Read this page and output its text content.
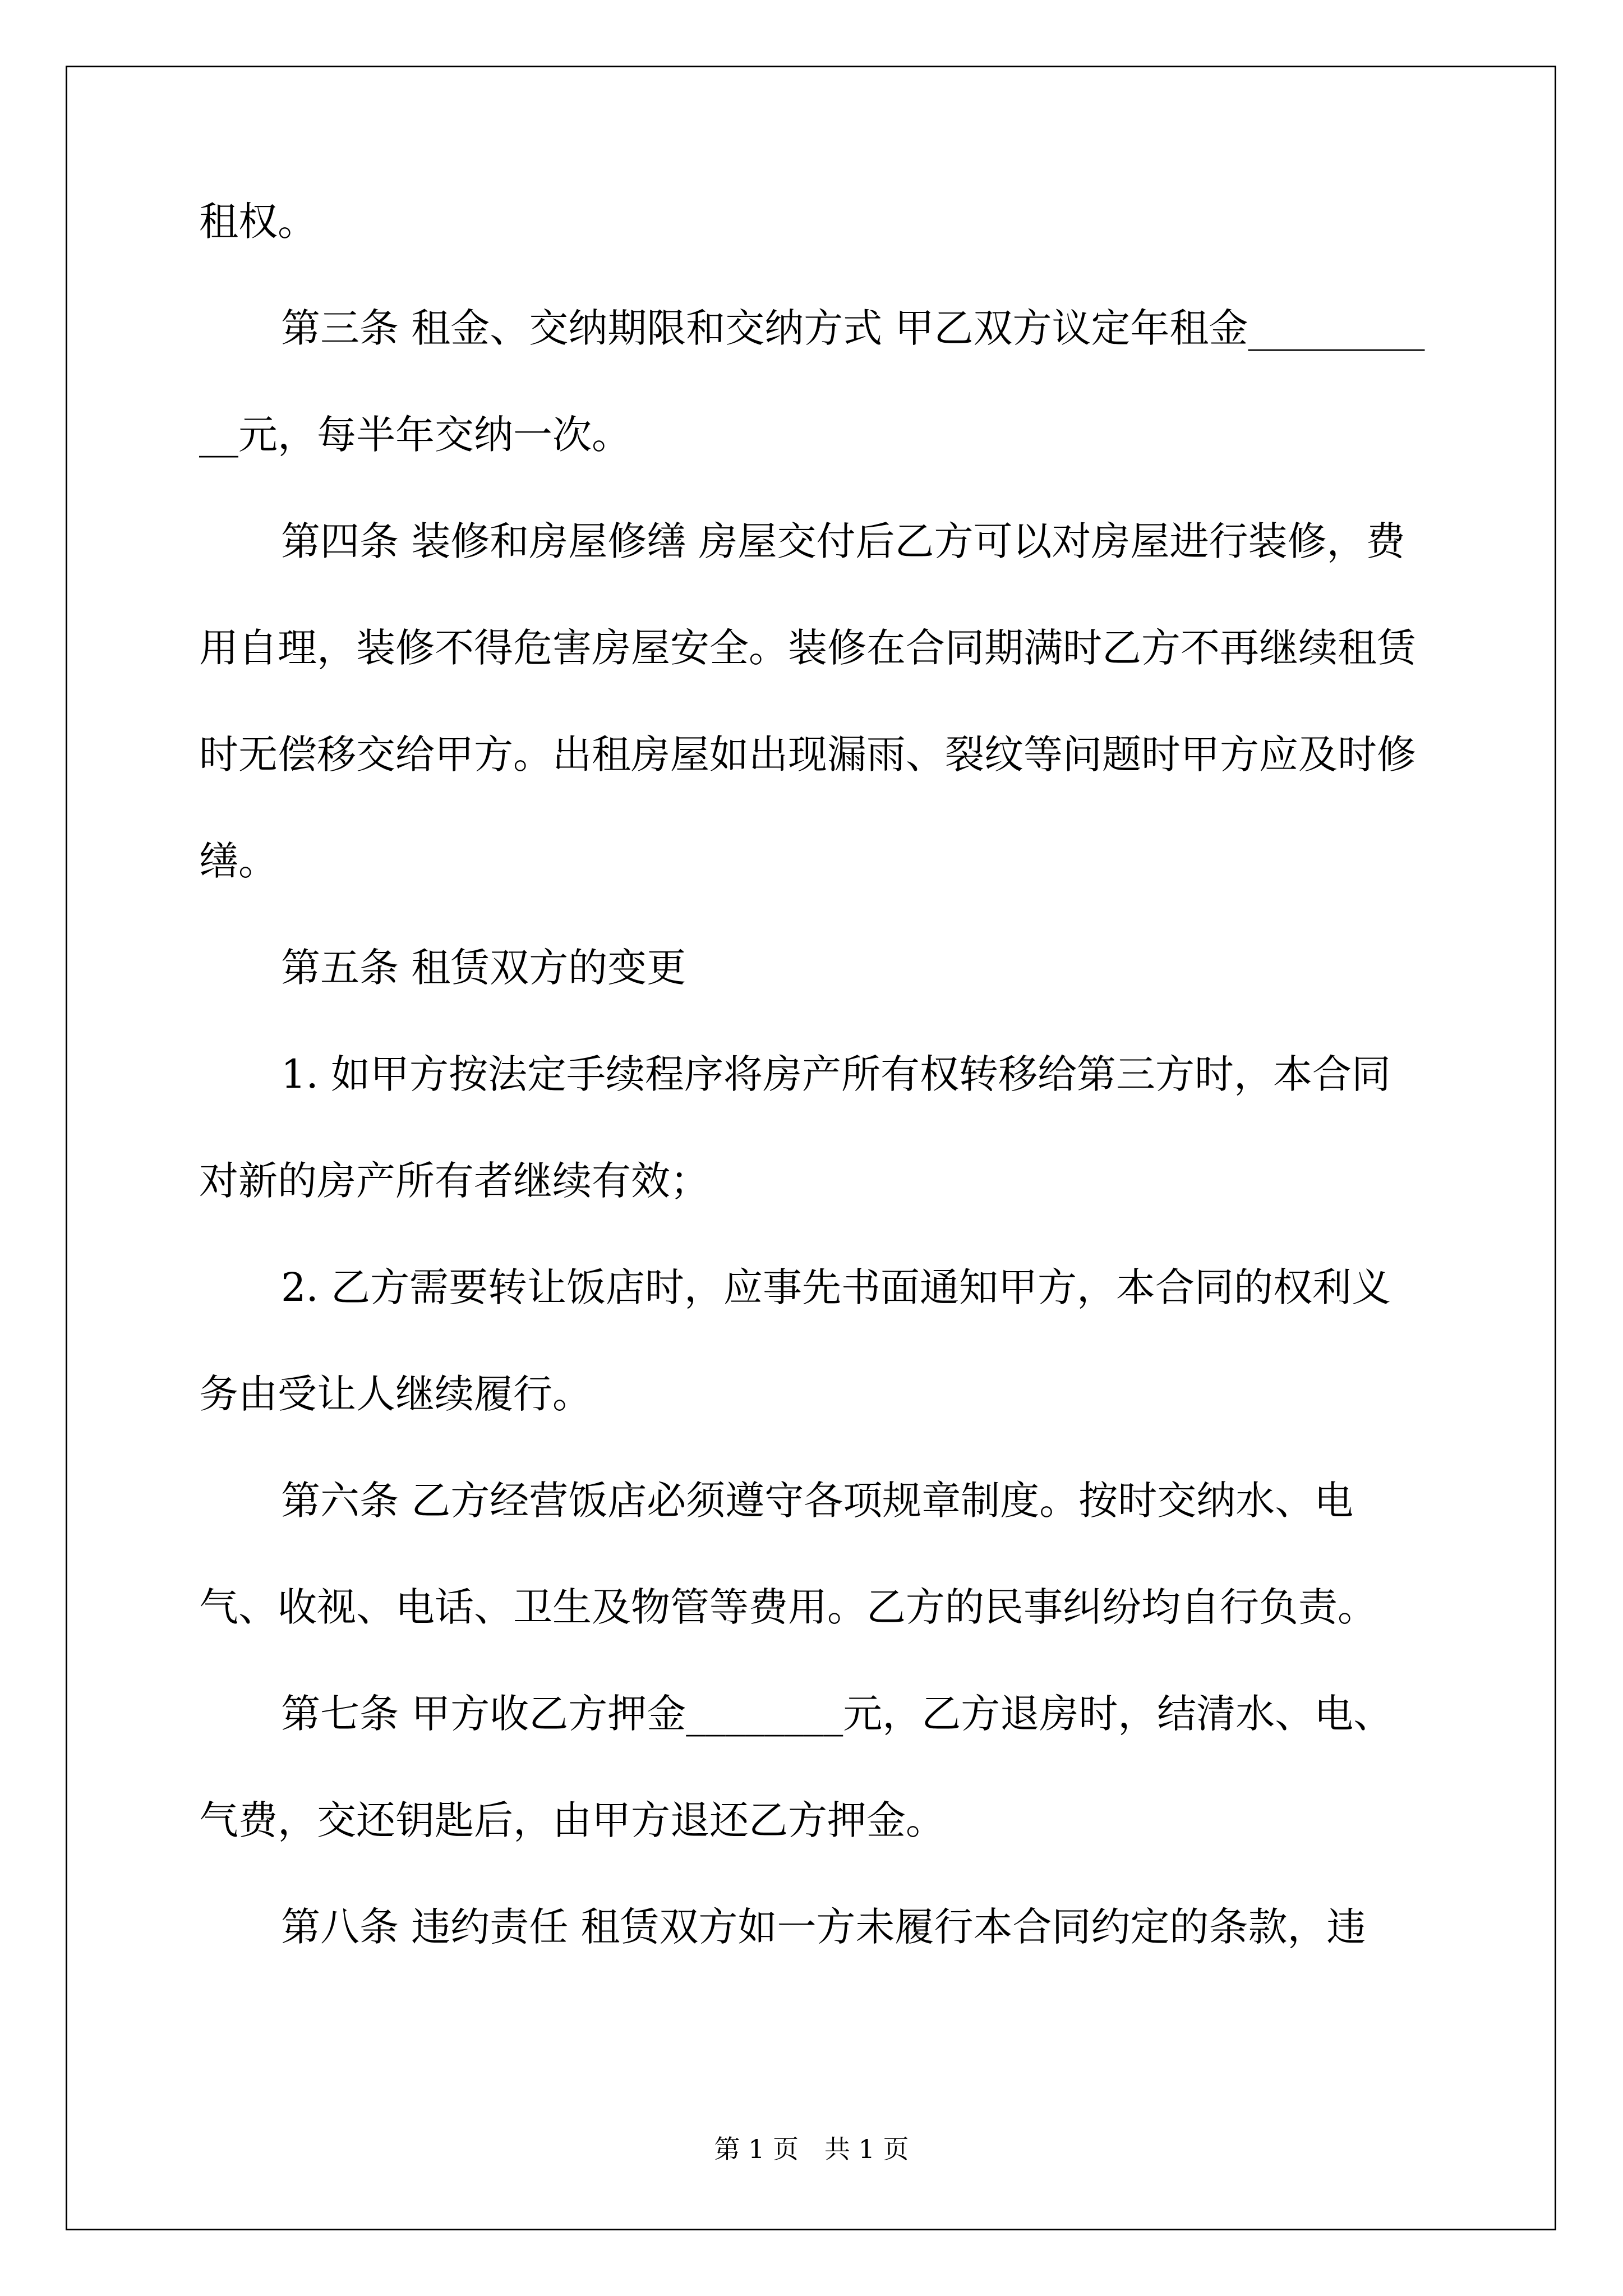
租权。

第三条 租金、交纳期限和交纳方式 甲乙双方议定年租金___________元，每半年交纳一次。

第四条 装修和房屋修缮 房屋交付后乙方可以对房屋进行装修，费用自理，装修不得危害房屋安全。装修在合同期满时乙方不再继续租赁时无偿移交给甲方。出租房屋如出现漏雨、裂纹等问题时甲方应及时修缮。

第五条 租赁双方的变更

1. 如甲方按法定手续程序将房产所有权转移给第三方时，本合同对新的房产所有者继续有效；

2. 乙方需要转让饭店时，应事先书面通知甲方，本合同的权利义务由受让人继续履行。

第六条 乙方经营饭店必须遵守各项规章制度。按时交纳水、电气、收视、电话、卫生及物管等费用。乙方的民事纠纷均自行负责。

第七条 甲方收乙方押金________元，乙方退房时，结清水、电、气费，交还钥匙后，由甲方退还乙方押金。

第八条 违约责任 租赁双方如一方未履行本合同约定的条款，违

第 1 页　共 1 页
